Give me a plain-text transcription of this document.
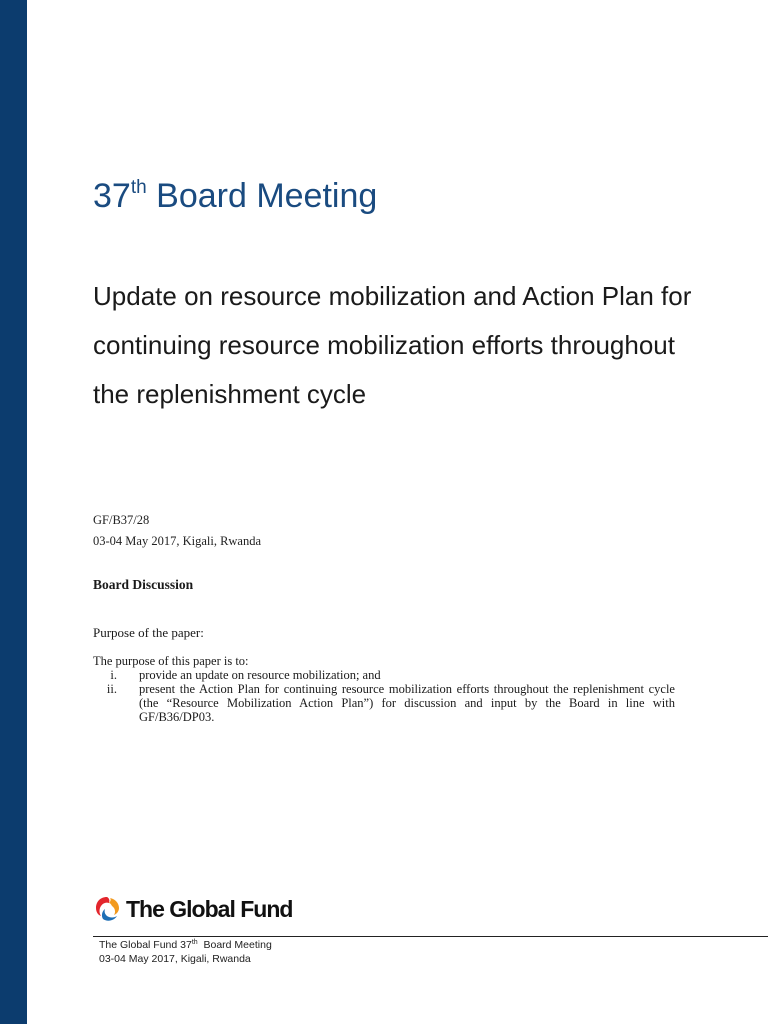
37th Board Meeting
Update on resource mobilization and Action Plan for continuing resource mobilization efforts throughout the replenishment cycle
GF/B37/28
03-04 May 2017, Kigali, Rwanda
Board Discussion
Purpose of the paper:
The purpose of this paper is to:
i. provide an update on resource mobilization; and
ii. present the Action Plan for continuing resource mobilization efforts throughout the replenishment cycle (the “Resource Mobilization Action Plan”) for discussion and input by the Board in line with GF/B36/DP03.
The Global Fund
The Global Fund 37th  Board Meeting
03-04 May 2017, Kigali, Rwanda
